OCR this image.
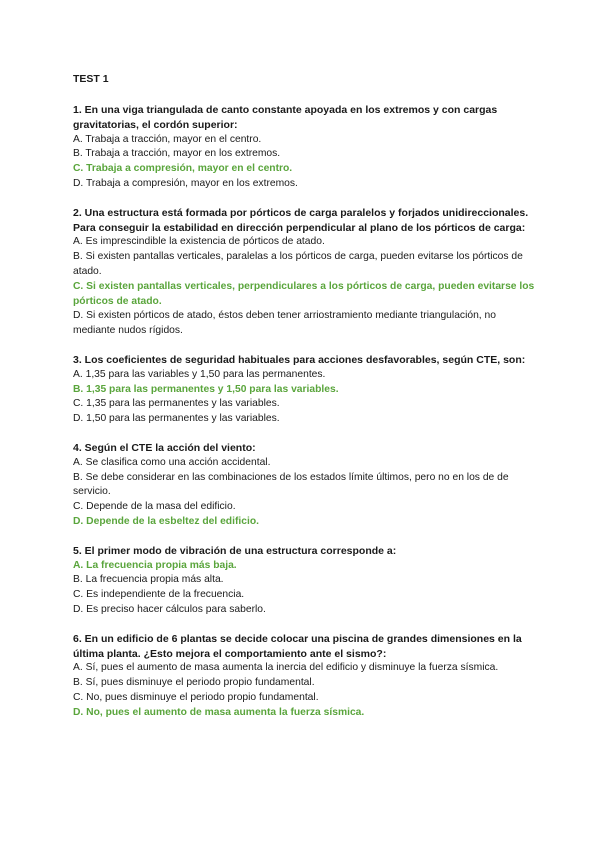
TEST 1

1. En una viga triangulada de canto constante apoyada en los extremos y con cargas gravitatorias, el cordón superior:

A. Trabaja a tracción, mayor en el centro.

B. Trabaja a tracción, mayor en los extremos.

C. Trabaja a compresión, mayor en el centro.

D. Trabaja a compresión, mayor en los extremos.

2. Una estructura está formada por pórticos de carga paralelos y forjados unidireccionales. Para conseguir la estabilidad en dirección perpendicular al plano de los pórticos de carga:

A. Es imprescindible la existencia de pórticos de atado.

B. Si existen pantallas verticales, paralelas a los pórticos de carga, pueden evitarse los pórticos de atado.

C. Si existen pantallas verticales, perpendiculares a los pórticos de carga, pueden evitarse los pórticos de atado.

D. Si existen pórticos de atado, éstos deben tener arriostramiento mediante triangulación, no mediante nudos rígidos.

3. Los coeficientes de seguridad habituales para acciones desfavorables, según CTE, son:

A. 1,35 para las variables y 1,50 para las permanentes.

B. 1,35 para las permanentes y 1,50 para las variables.

C. 1,35 para las permanentes y las variables.

D. 1,50 para las permanentes y las variables.

4. Según el CTE la acción del viento:

A. Se clasifica como una acción accidental.

B. Se debe considerar en las combinaciones de los estados límite últimos, pero no en los de de servicio.

C. Depende de la masa del edificio.

D. Depende de la esbeltez del edificio.

5. El primer modo de vibración de una estructura corresponde a:

A. La frecuencia propia más baja.

B. La frecuencia propia más alta.

C. Es independiente de la frecuencia.

D. Es preciso hacer cálculos para saberlo.

6. En un edificio de 6 plantas se decide colocar una piscina de grandes dimensiones en la última planta. ¿Esto mejora el comportamiento ante el sismo?:

A. Sí, pues el aumento de masa aumenta la inercia del edificio y disminuye la fuerza sísmica.

B. Sí, pues disminuye el periodo propio fundamental.

C. No, pues disminuye el periodo propio fundamental.

D. No, pues el aumento de masa aumenta la fuerza sísmica.
